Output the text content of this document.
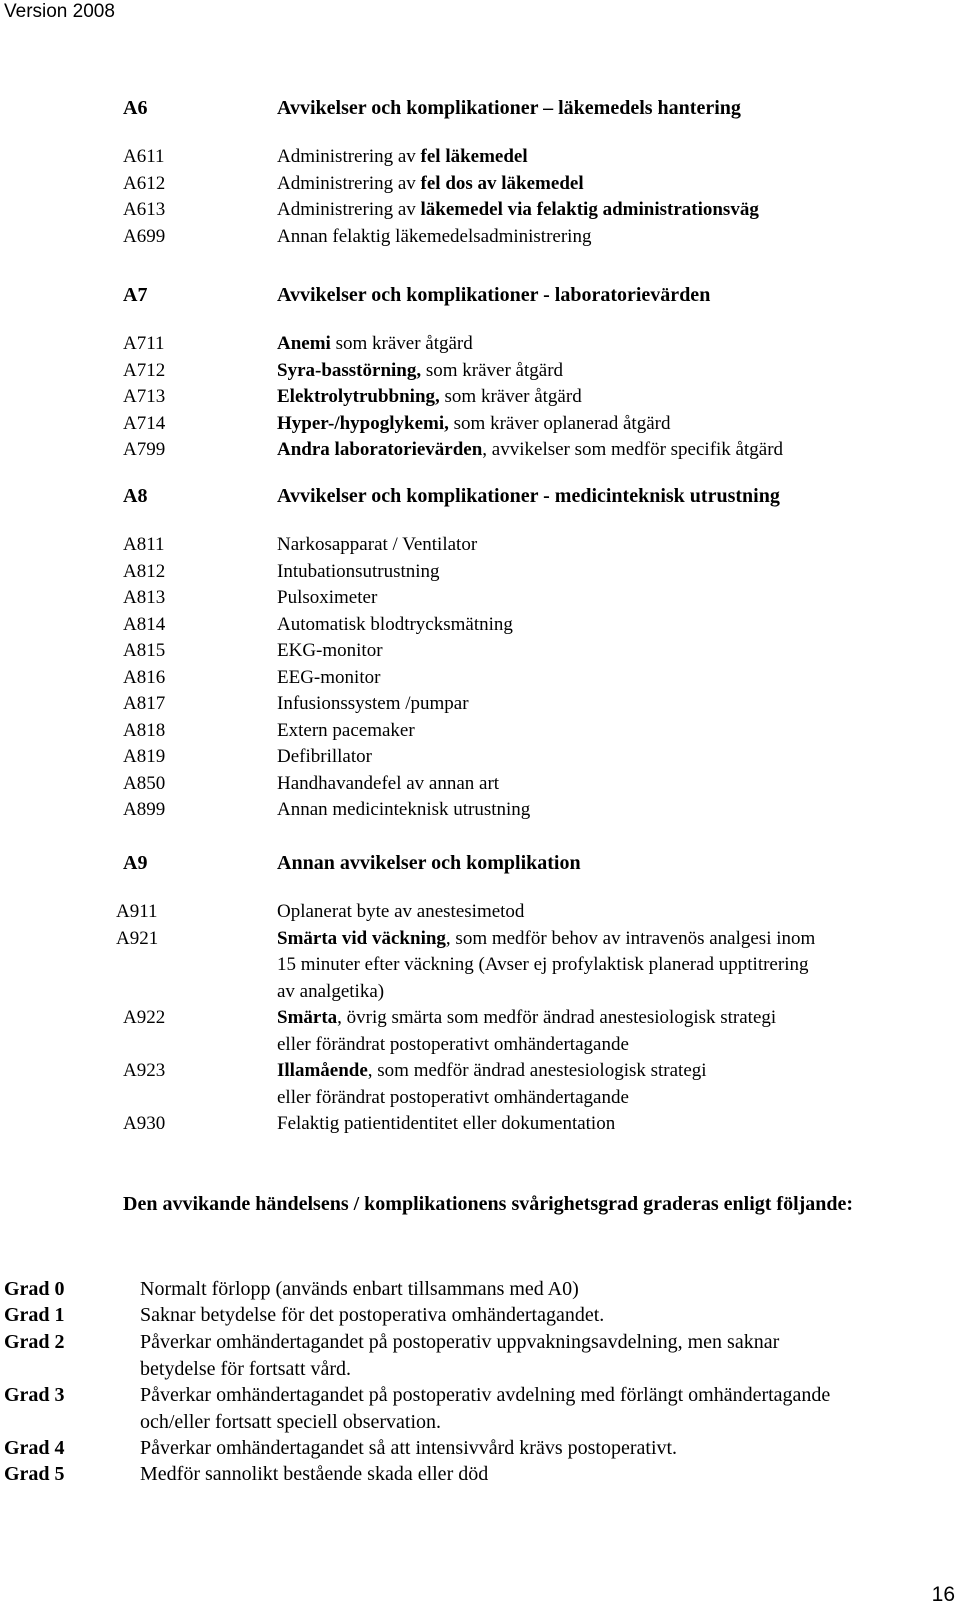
Version 2008
A6	Avvikelser och komplikationer – läkemedels hantering
A611	Administrering av fel läkemedel
A612	Administrering av fel dos av läkemedel
A613	Administrering av läkemedel via felaktig administrationsväg
A699	Annan felaktig läkemedelsadministrering
A7	Avvikelser och komplikationer - laboratorievärden
A711	Anemi som kräver åtgärd
A712	Syra-basstörning, som kräver åtgärd
A713	Elektrolytrubbning, som kräver åtgärd
A714	Hyper-/hypoglykemi, som kräver oplanerad åtgärd
A799	Andra laboratorievärden, avvikelser som medför specifik åtgärd
A8	Avvikelser och komplikationer - medicinteknisk utrustning
A811	Narkosapparat / Ventilator
A812	Intubationsutrustning
A813	Pulsoximeter
A814	Automatisk blodtrycksmätning
A815	EKG-monitor
A816	EEG-monitor
A817	Infusionssystem /pumpar
A818	Extern pacemaker
A819	Defibrillator
A850	Handhavandefel av annan art
A899	Annan medicinteknisk utrustning
A9	Annan avvikelser och komplikation
A911	Oplanerat byte av anestesimetod
A921	Smärta vid väckning, som medför behov av intravenös analgesi inom
15 minuter efter väckning (Avser ej profylaktisk planerad upptitrering
av analgetika)
A922	Smärta, övrig smärta som medför ändrad anestesiologisk strategi
eller förändrat postoperativt omhändertagande
A923	Illamående, som medför ändrad anestesiologisk strategi
eller förändrat postoperativt omhändertagande
A930	Felaktig patientidentitet eller dokumentation
Den avvikande händelsens / komplikationens svårighetsgrad graderas enligt följande:
Grad 0	Normalt förlopp (används enbart tillsammans med A0)
Grad 1	Saknar betydelse för det postoperativa omhändertagandet.
Grad 2	Påverkar omhändertagandet på postoperativ uppvakningsavdelning, men saknar
betydelse för fortsatt vård.
Grad 3	Påverkar omhändertagandet på postoperativ avdelning med förlängt omhändertagande
och/eller fortsatt speciell observation.
Grad 4	Påverkar omhändertagandet så att intensivvård krävs postoperativt.
Grad 5	Medför sannolikt bestående skada eller död
16
